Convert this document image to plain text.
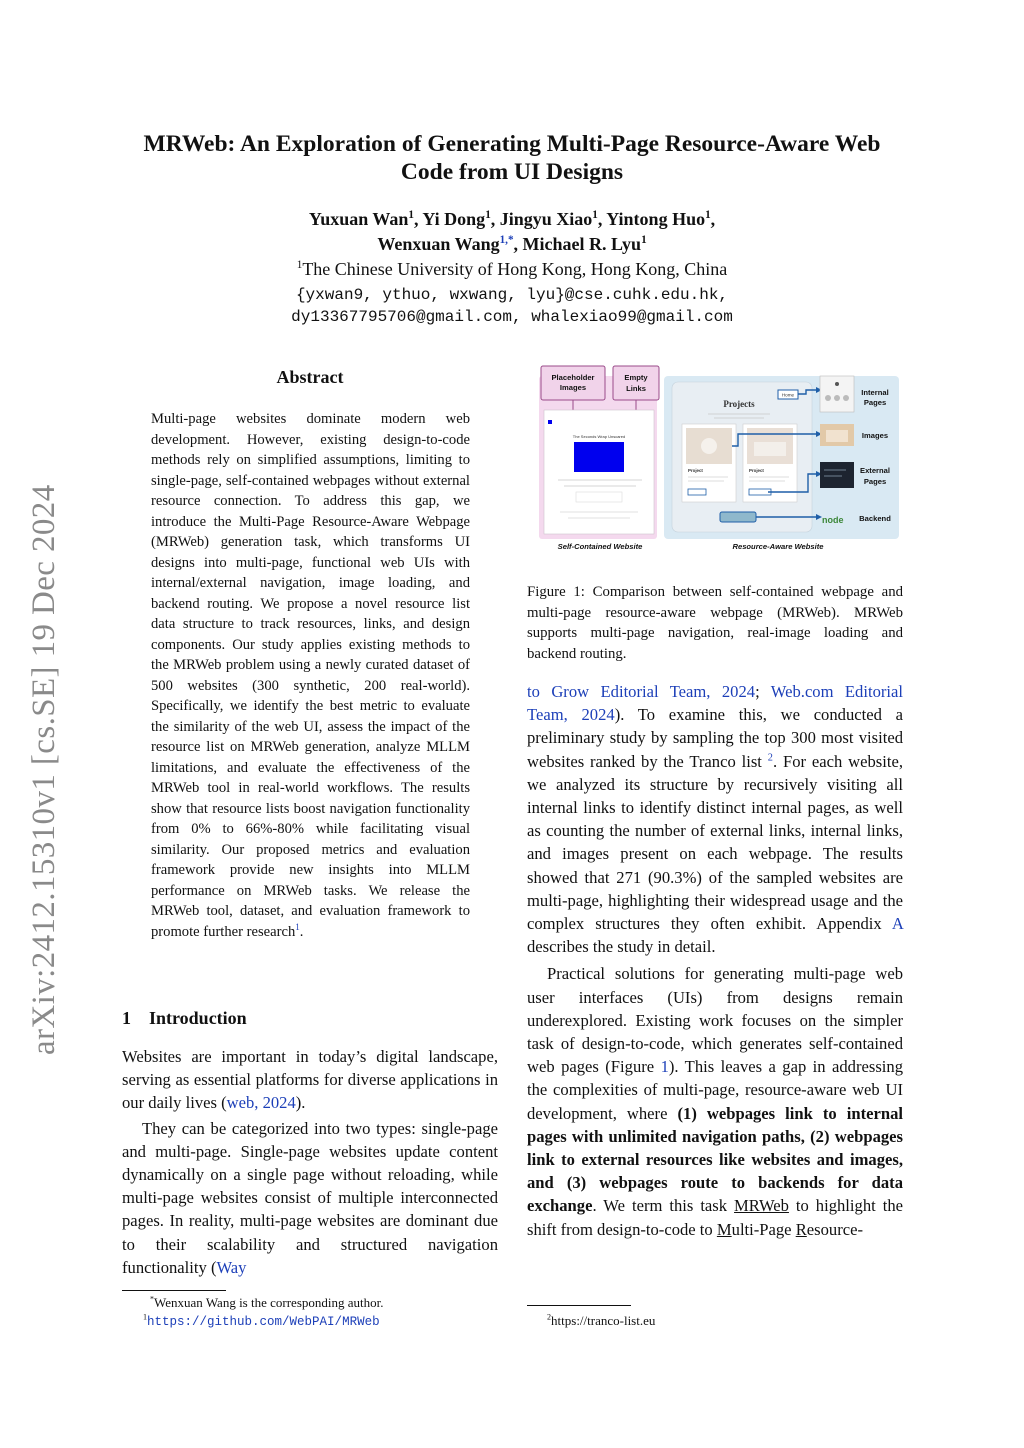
arXiv:2412.15310v1 [cs.SE] 19 Dec 2024
MRWeb: An Exploration of Generating Multi-Page Resource-Aware Web
Code from UI Designs
Yuxuan Wan$^1$, Yi Dong$^1$, Jingyu Xiao$^1$, Yintong Huo$^1$,
Wenxuan Wang$^{1,*}$, Michael R. Lyu$^1$
$^1$The Chinese University of Hong Kong, Hong Kong, China
{yxwan9, ythuo, wxwang, lyu}@cse.cuhk.edu.hk,
dy13367795706@gmail.com, whalexiao99@gmail.com
Abstract
Multi-page websites dominate modern web development. However, existing design-to-code methods rely on simplified assumptions, limiting to single-page, self-contained webpages without external resource connection. To address this gap, we introduce the Multi-Page Resource-Aware Webpage (MRWeb) generation task, which transforms UI designs into multi-page, functional web UIs with internal/external navigation, image loading, and backend routing. We propose a novel resource list data structure to track resources, links, and design components. Our study applies existing methods to the MRWeb problem using a newly curated dataset of 500 websites (300 synthetic, 200 real-world). Specifically, we identify the best metric to evaluate the similarity of the web UI, assess the impact of the resource list on MRWeb generation, analyze MLLM limitations, and evaluate the effectiveness of the MRWeb tool in real-world workflows. The results show that resource lists boost navigation functionality from 0% to 66%-80% while facilitating visual similarity. Our proposed metrics and evaluation framework provide new insights into MLLM performance on MRWeb tasks. We release the MRWeb tool, dataset, and evaluation framework to promote further research$^1$.
1 Introduction

Websites are important in today’s digital landscape, serving as essential platforms for diverse applications in our daily lives (web, 2024).

They can be categorized into two types: single-page and multi-page. Single-page websites update content dynamically on a single page without reloading, while multi-page websites consist of multiple interconnected pages. In reality, multi-page websites are dominant due to their scalability and structured navigation functionality (Way

*Wenxuan Wang is the corresponding author.
$^1$https://github.com/WebPAI/MRWeb
Placeholder
Images
Empty
Links
The Seconds Wrap Unscared
Projects
Home
Project	Project
node
Internal
Pages
Images
External
Pages
Backend
Self-Contained Website	Resource-Aware Website
Figure 1: Comparison between self-contained webpage and multi-page resource-aware webpage (MRWeb). MRWeb supports multi-page navigation, real-image loading and backend routing.

to Grow Editorial Team, 2024; Web.com Editorial Team, 2024). To examine this, we conducted a preliminary study by sampling the top 300 most visited websites ranked by the Tranco list $^2$. For each website, we analyzed its structure by recursively visiting all internal links to identify distinct internal pages, as well as counting the number of external links, internal links, and images present on each webpage. The results showed that 271 (90.3%) of the sampled websites are multi-page, highlighting their widespread usage and the complex structures they often exhibit. Appendix A describes the study in detail.

Practical solutions for generating multi-page web user interfaces (UIs) from designs remain underexplored. Existing work focuses on the simpler task of design-to-code, which generates self-contained web pages (Figure 1). This leaves a gap in addressing the complexities of multi-page, resource-aware web UI development, where (1) webpages link to internal pages with unlimited navigation paths, (2) webpages link to external resources like websites and images, and (3) webpages route to backends for data exchange. We term this task MRWeb to highlight the shift from design-to-code to Multi-Page Resource-

$^2$https://tranco-list.eu
